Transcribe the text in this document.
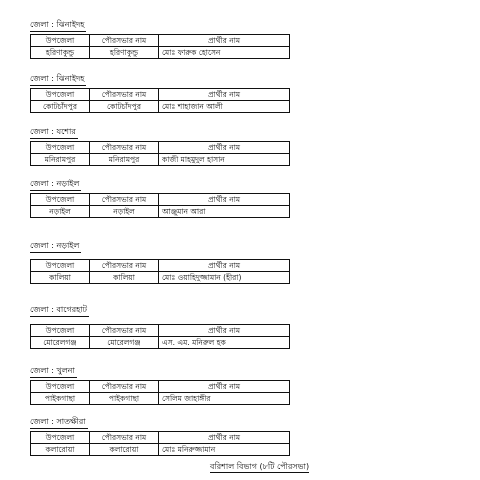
জেলা : ঝিনাইদহ
উপজেলা	পৌরসভার নাম	প্রার্থীর নাম
হরিণাকুন্ডু	হরিণাকুন্ডু	মোঃ ফারুক হোসেন
জেলা : ঝিনাইদহ
উপজেলা	পৌরসভার নাম	প্রার্থীর নাম
কোটচাঁদপুর	কোটচাঁদপুর	মোঃ শাহাজান আলী
জেলা : যশোর
উপজেলা	পৌরসভার নাম	প্রার্থীর নাম
মনিরামপুর	মনিরামপুর	কাজী মাহমুদুল হাসান
জেলা : নড়াইল
উপজেলা	পৌরসভার নাম	প্রার্থীর নাম
নড়াইল	নড়াইল	আঞ্জুমান আরা
জেলা : নড়াইল
উপজেলা	পৌরসভার নাম	প্রার্থীর নাম
কালিয়া	কালিয়া	মোঃ ওয়াহিদুজ্জামান (হীরা)
জেলা : বাগেরহাট
উপজেলা	পৌরসভার নাম	প্রার্থীর নাম
মোরেলগঞ্জ	মোরেলগঞ্জ	এস. এম. মনিরুল হক
জেলা : খুলনা
উপজেলা	পৌরসভার নাম	প্রার্থীর নাম
পাইকগাছা	পাইকগাছা	সেলিম জাহাঙ্গীর
জেলা : সাতক্ষীরা
উপজেলা	পৌরসভার নাম	প্রার্থীর নাম
কলারোয়া	কলারোয়া	মোঃ মনিরুজ্জামান
বরিশাল বিভাগ (৮টি পৌরসভা)
